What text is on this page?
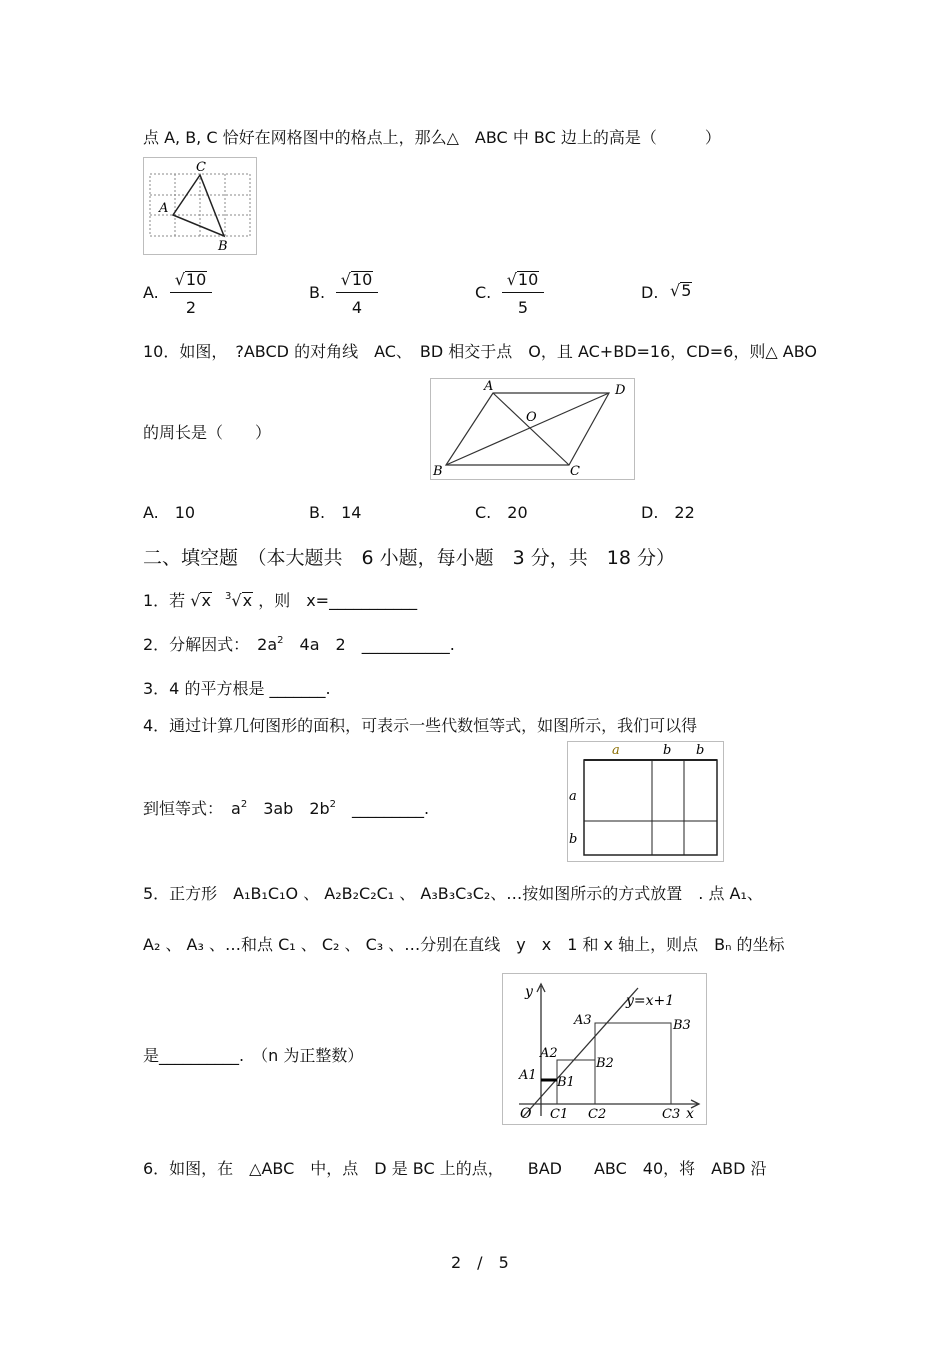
点 A, B, C 恰好在网格图中的格点上，那么△　ABC 中 BC 边上的高是（　　　）
C
A
B
A.
√10
2
B.
√10
4
C.
√10
5
D. √5
10．如图，　?ABCD 的对角线　AC、　BD 相交于点　O，且 AC+BD=16，CD=6，则△ ABO
的周长是（　　）
A	D
O
B	C
A.　10	B.　14	C.　20	D.　22
二、填空题　（本大题共　6 小题，每小题　3 分，共　18 分）
1．若 √x $^3$√x ，则　x=___________
2．分解因式：　$2a^2$　4a　2　___________.
3．4 的平方根是 _______.
4．通过计算几何图形的面积，可表示一些代数恒等式，如图所示，我们可以得
到恒等式：　$a^2$　3ab　$2b^2$　_________.
a	b b
a
b
5．正方形　A₁B₁C₁O 、 A₂B₂C₂C₁ 、 A₃B₃C₃C₂、…按如图所示的方式放置　. 点 A₁、
A₂ 、 A₃ 、…和点 C₁ 、 C₂ 、 C₃ 、…分别在直线　y　x　1 和 x 轴上，则点　Bₙ 的坐标
是__________.　（n 为正整数）
y
y=x+1
A3	B3
A2
B2
A1 B1
O C1 C2	C3 x
6．如图，在　△ABC　中，点　D 是 BC 上的点，　　BAD　　ABC　40，将　ABD 沿
2　/　5
